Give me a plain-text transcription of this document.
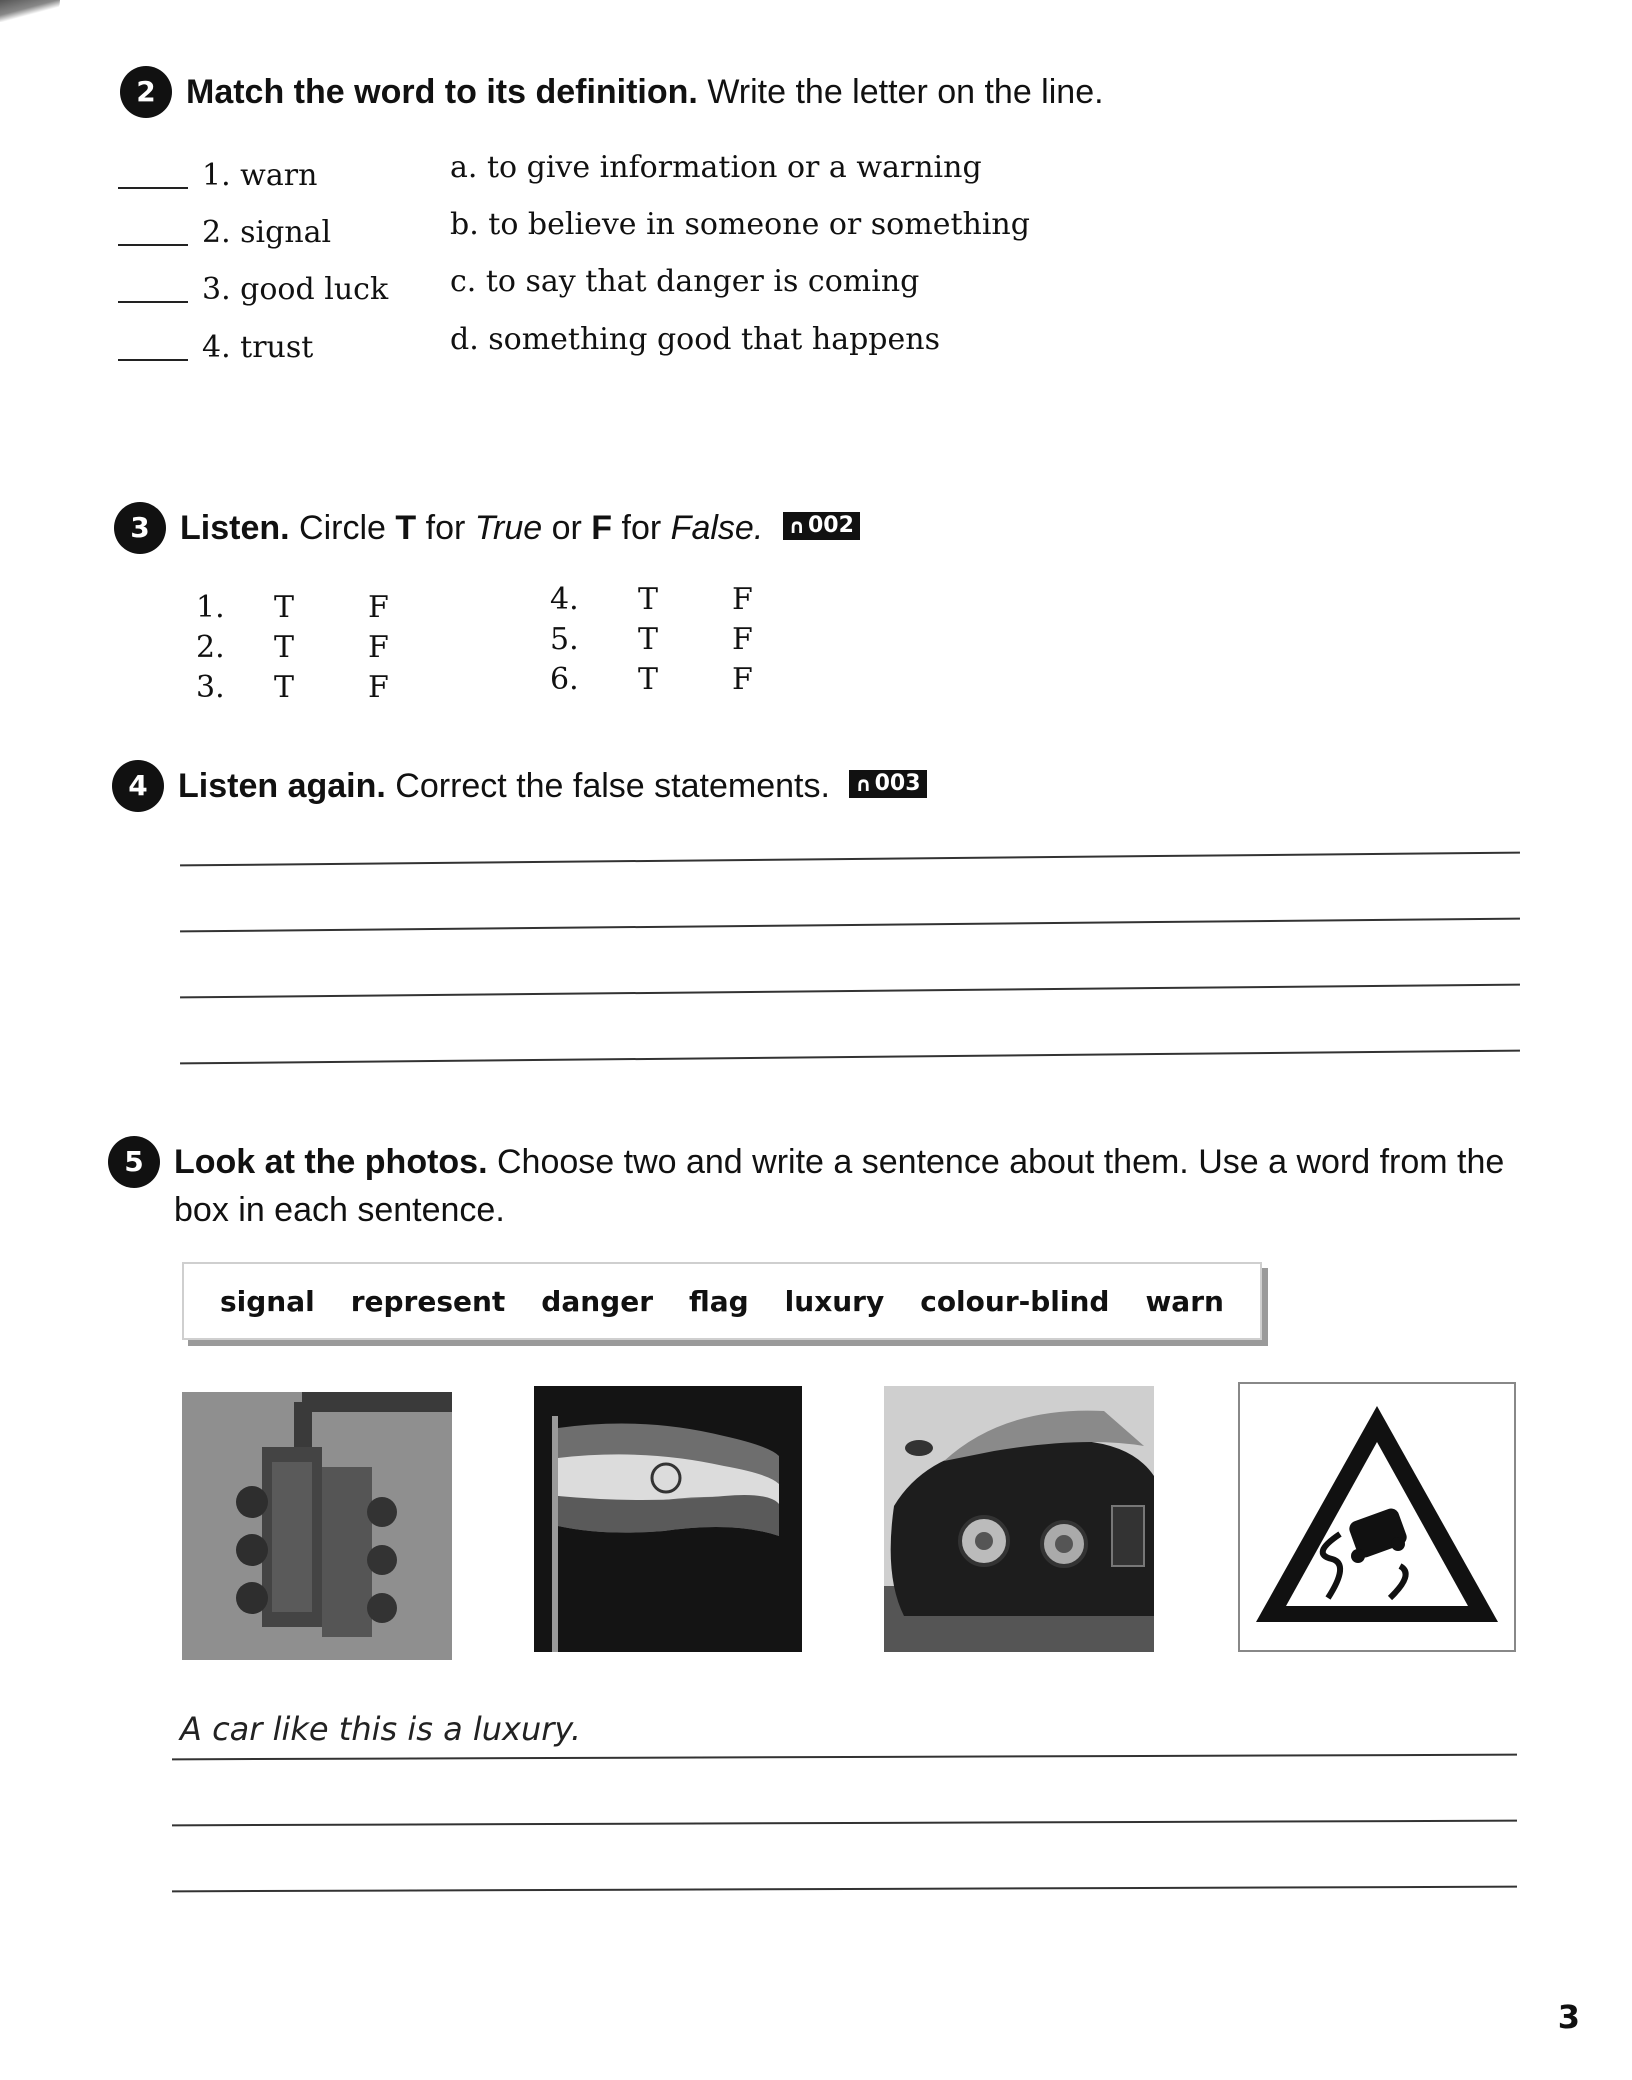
2 Match the word to its definition. Write the letter on the line.
1. warn
2. signal
3. good luck
4. trust
a. to give information or a warning
b. to believe in someone or something
c. to say that danger is coming
d. something good that happens
3 Listen. Circle T for True or F for False. ∩ 002
1. T F
2. T F
3. T F
4. T F
5. T F
6. T F
4 Listen again. Correct the false statements. ∩ 003
5 Look at the photos. Choose two and write a sentence about them. Use a word from the
box in each sentence.
signal represent danger flag luxury colour-blind warn
A car like this is a luxury.
3
